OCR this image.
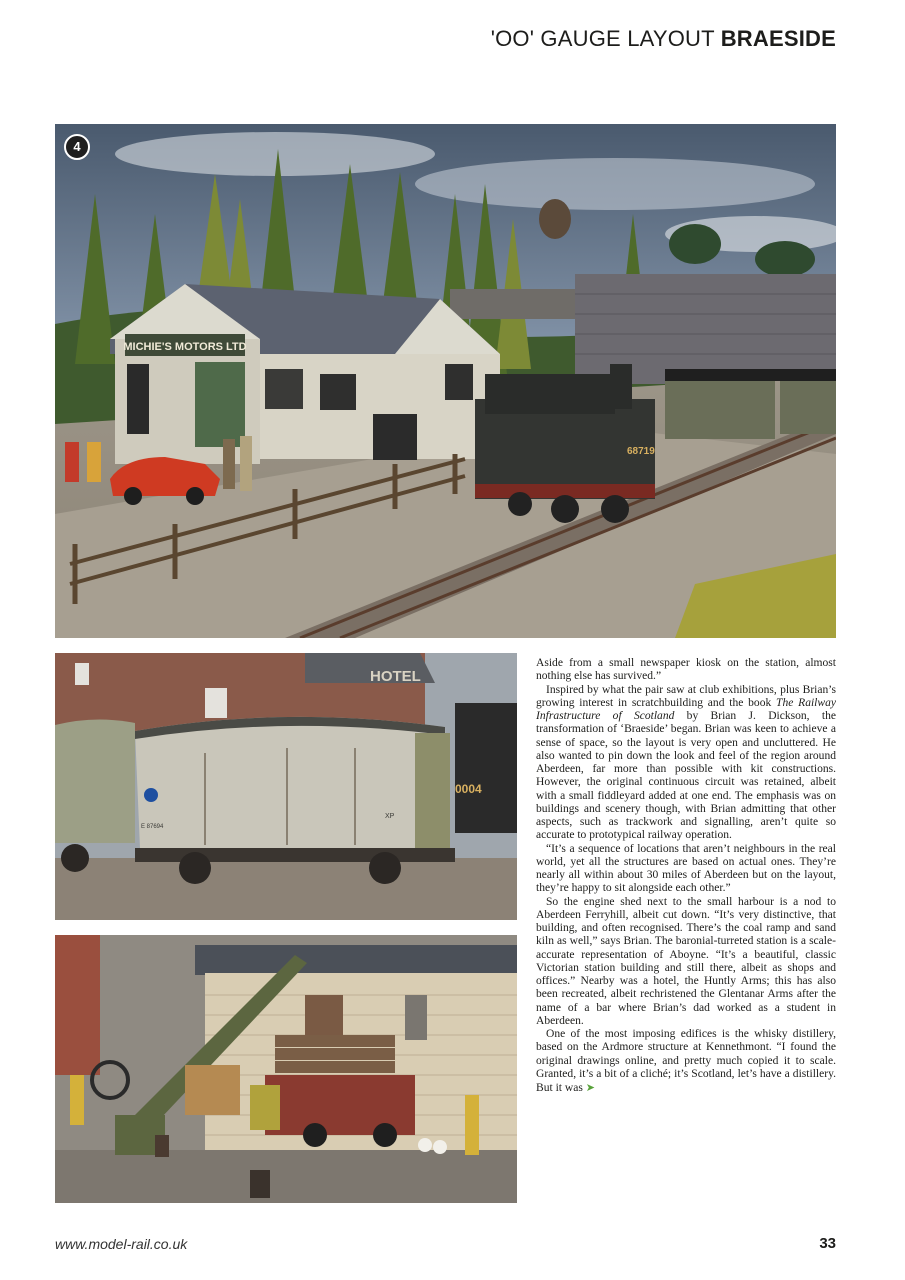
'OO' GAUGE LAYOUT BRAESIDE
MICHIE'S MOTORS LTD
68719
4
HOTEL
0004
E 87694
XP

Aside from a small newspaper kiosk on the station, almost nothing else has survived.”

Inspired by what the pair saw at club exhibitions, plus Brian’s growing interest in scratchbuilding and the book The Railway Infrastructure of Scotland by Brian J. Dickson, the transformation of ‘Braeside’ began. Brian was keen to achieve a sense of space, so the layout is very open and uncluttered. He also wanted to pin down the look and feel of the region around Aberdeen, far more than possible with kit constructions. However, the original continuous circuit was retained, albeit with a small fiddleyard added at one end. The emphasis was on buildings and scenery though, with Brian admitting that other aspects, such as trackwork and signalling, aren’t quite so accurate to prototypical railway operation.

“It’s a sequence of locations that aren’t neighbours in the real world, yet all the structures are based on actual ones. They’re nearly all within about 30 miles of Aberdeen but on the layout, they’re happy to sit alongside each other.”

So the engine shed next to the small harbour is a nod to Aberdeen Ferryhill, albeit cut down. “It’s very distinctive, that building, and often recognised. There’s the coal ramp and sand kiln as well,” says Brian. The baronial-turreted station is a scale-accurate representation of Aboyne. “It’s a beautiful, classic Victorian station building and still there, albeit as shops and offices.” Nearby was a hotel, the Huntly Arms; this has also been recreated, albeit rechristened the Glentanar Arms after the name of a bar where Brian’s dad worked as a student in Aberdeen.

One of the most imposing edifices is the whisky distillery, based on the Ardmore structure at Kennethmont. “I found the original drawings online, and pretty much copied it to scale. Granted, it’s a bit of a cliché; it’s Scotland, let’s have a distillery. But it was ➤

www.model-rail.co.uk	33
